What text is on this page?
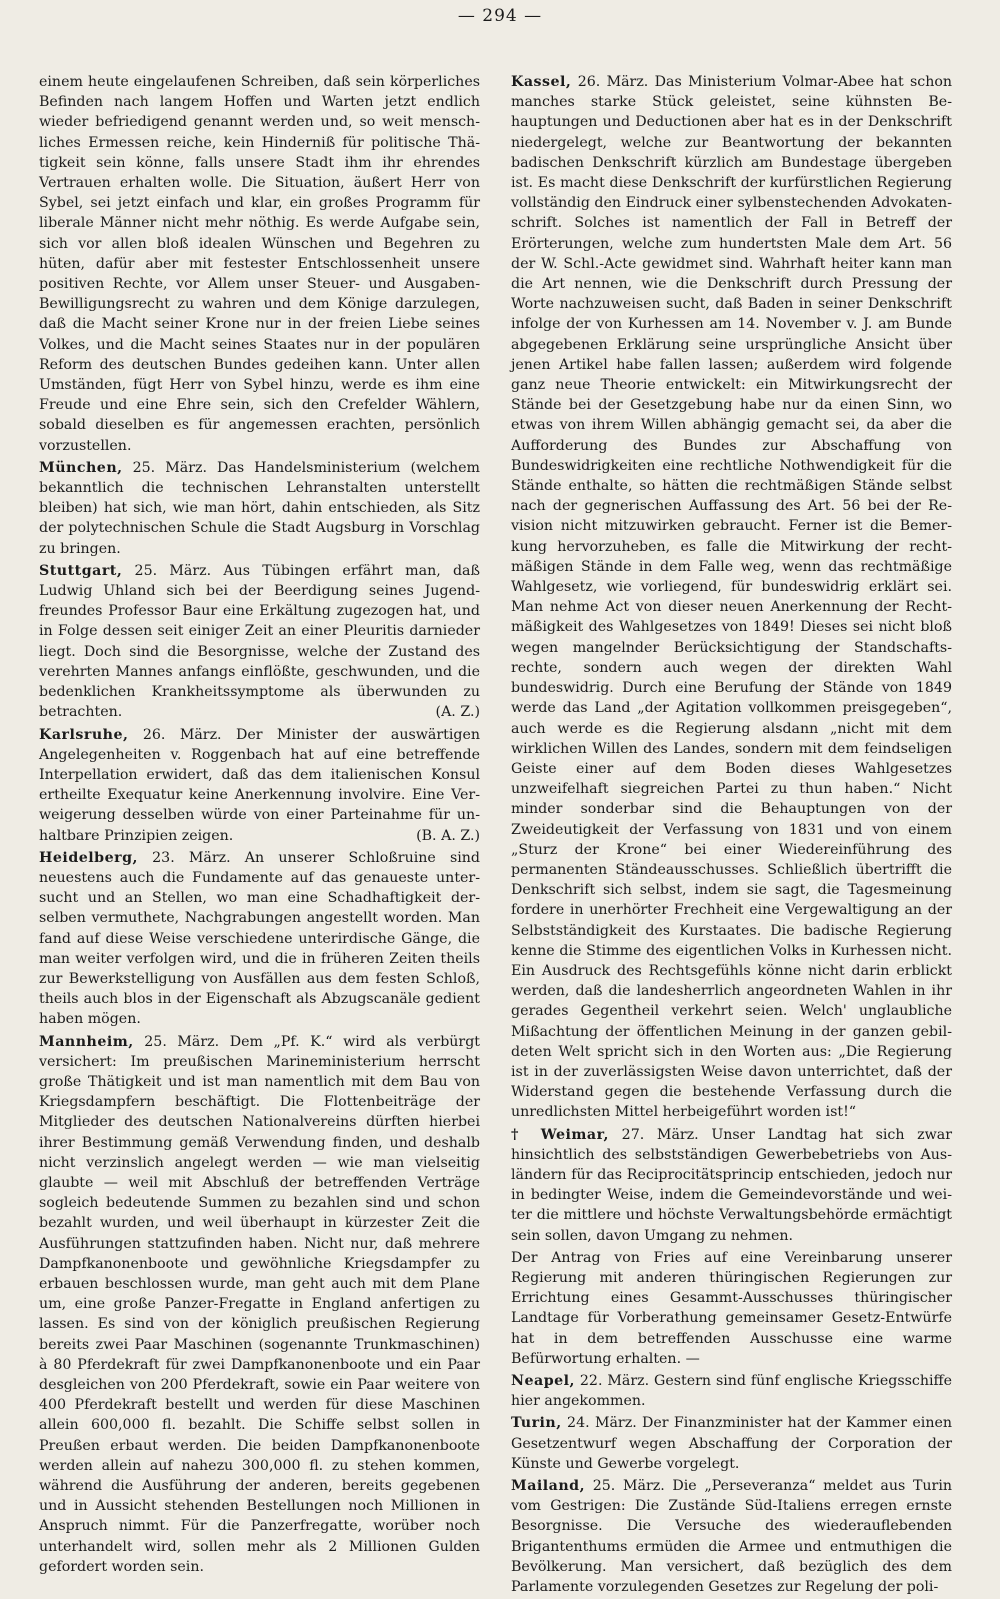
— 294 —

einem heute eingelaufenen Schreiben, daß sein körperliches Befinden nach langem Hoffen und Warten jetzt endlich wieder befriedigend genannt werden und, so weit menschliches Ermessen reiche, kein Hinderniß für politische Thätigkeit sein könne, falls unsere Stadt ihm ihr ehrendes Vertrauen erhalten wolle. Die Situation, äußert Herr von Sybel, sei jetzt einfach und klar, ein großes Programm für liberale Männer nicht mehr nöthig. Es werde Aufgabe sein, sich vor allen bloß idealen Wünschen und Begehren zu hüten, dafür aber mit festester Entschlossenheit unsere positiven Rechte, vor Allem unser Steuer- und Ausgaben-Bewilligungsrecht zu wahren und dem Könige darzulegen, daß die Macht seiner Krone nur in der freien Liebe seines Volkes, und die Macht seines Staates nur in der populären Reform des deutschen Bundes gedeihen kann. Unter allen Umständen, fügt Herr von Sybel hinzu, werde es ihm eine Freude und eine Ehre sein, sich den Crefelder Wählern, sobald dieselben es für angemessen erachten, persönlich vorzustellen.

München, 25. März. Das Handelsministerium (welchem bekanntlich die technischen Lehranstalten unterstellt bleiben) hat sich, wie man hört, dahin entschieden, als Sitz der polytechnischen Schule die Stadt Augsburg in Vorschlag zu bringen.

Stuttgart, 25. März. Aus Tübingen erfährt man, daß Ludwig Uhland sich bei der Beerdigung seines Jugendfreundes Professor Baur eine Erkältung zugezogen hat, und in Folge dessen seit einiger Zeit an einer Pleuritis darnieder liegt. Doch sind die Besorgnisse, welche der Zustand des verehrten Mannes anfangs einflößte, geschwunden, und die bedenklichen Krankheitssymptome als überwunden zu betrachten.	(A. Z.)

Karlsruhe, 26. März. Der Minister der auswärtigen Angelegenheiten v. Roggenbach hat auf eine betreffende Interpellation erwidert, daß das dem italienischen Konsul ertheilte Exequatur keine Anerkennung involvire. Eine Verweigerung desselben würde von einer Parteinahme für unhaltbare Prinzipien zeigen.	(B. A. Z.)

Heidelberg, 23. März. An unserer Schloßruine sind neuestens auch die Fundamente auf das genaueste untersucht und an Stellen, wo man eine Schadhaftigkeit derselben vermuthete, Nachgrabungen angestellt worden. Man fand auf diese Weise verschiedene unterirdische Gänge, die man weiter verfolgen wird, und die in früheren Zeiten theils zur Bewerkstelligung von Ausfällen aus dem festen Schloß, theils auch blos in der Eigenschaft als Abzugscanäle gedient haben mögen.

Mannheim, 25. März. Dem „Pf. K.“ wird als verbürgt versichert: Im preußischen Marineministerium herrscht große Thätigkeit und ist man namentlich mit dem Bau von Kriegsdampfern beschäftigt. Die Flottenbeiträge der Mitglieder des deutschen Nationalvereins dürften hierbei ihrer Bestimmung gemäß Verwendung finden, und deshalb nicht verzinslich angelegt werden — wie man vielseitig glaubte — weil mit Abschluß der betreffenden Verträge sogleich bedeutende Summen zu bezahlen sind und schon bezahlt wurden, und weil überhaupt in kürzester Zeit die Ausführungen stattzufinden haben. Nicht nur, daß mehrere Dampfkanonenboote und gewöhnliche Kriegsdampfer zu erbauen beschlossen wurde, man geht auch mit dem Plane um, eine große Panzer-Fregatte in England anfertigen zu lassen. Es sind von der königlich preußischen Regierung bereits zwei Paar Maschinen (sogenannte Trunkmaschinen) à 80 Pferdekraft für zwei Dampfkanonenboote und ein Paar desgleichen von 200 Pferdekraft, sowie ein Paar weitere von 400 Pferdekraft bestellt und werden für diese Maschinen allein 600,000 fl. bezahlt. Die Schiffe selbst sollen in Preußen erbaut werden. Die beiden Dampfkanonenboote werden allein auf nahezu 300,000 fl. zu stehen kommen, während die Ausführung der anderen, bereits gegebenen und in Aussicht stehenden Bestellungen noch Millionen in Anspruch nimmt. Für die Panzerfregatte, worüber noch unterhandelt wird, sollen mehr als 2 Millionen Gulden gefordert worden sein.

Kassel, 26. März. Das Ministerium Volmar-Abee hat schon manches starke Stück geleistet, seine kühnsten Behauptungen und Deductionen aber hat es in der Denkschrift niedergelegt, welche zur Beantwortung der bekannten badischen Denkschrift kürzlich am Bundestage übergeben ist. Es macht diese Denkschrift der kurfürstlichen Regierung vollständig den Eindruck einer sylbenstechenden Advokatenschrift. Solches ist namentlich der Fall in Betreff der Erörterungen, welche zum hundertsten Male dem Art. 56 der W. Schl.-Acte gewidmet sind. Wahrhaft heiter kann man die Art nennen, wie die Denkschrift durch Pressung der Worte nachzuweisen sucht, daß Baden in seiner Denkschrift infolge der von Kurhessen am 14. November v. J. am Bunde abgegebenen Erklärung seine ursprüngliche Ansicht über jenen Artikel habe fallen lassen; außerdem wird folgende ganz neue Theorie entwickelt: ein Mitwirkungsrecht der Stände bei der Gesetzgebung habe nur da einen Sinn, wo etwas von ihrem Willen abhängig gemacht sei, da aber die Aufforderung des Bundes zur Abschaffung von Bundeswidrigkeiten eine rechtliche Nothwendigkeit für die Stände enthalte, so hätten die rechtmäßigen Stände selbst nach der gegnerischen Auffassung des Art. 56 bei der Revision nicht mitzuwirken gebraucht. Ferner ist die Bemerkung hervorzuheben, es falle die Mitwirkung der rechtmäßigen Stände in dem Falle weg, wenn das rechtmäßige Wahlgesetz, wie vorliegend, für bundeswidrig erklärt sei. Man nehme Act von dieser neuen Anerkennung der Rechtmäßigkeit des Wahlgesetzes von 1849! Dieses sei nicht bloß wegen mangelnder Berücksichtigung der Standschaftsrechte, sondern auch wegen der direkten Wahl bundeswidrig. Durch eine Berufung der Stände von 1849 werde das Land „der Agitation vollkommen preisgegeben“, auch werde es die Regierung alsdann „nicht mit dem wirklichen Willen des Landes, sondern mit dem feindseligen Geiste einer auf dem Boden dieses Wahlgesetzes unzweifelhaft siegreichen Partei zu thun haben.“ Nicht minder sonderbar sind die Behauptungen von der Zweideutigkeit der Verfassung von 1831 und von einem „Sturz der Krone“ bei einer Wiedereinführung des permanenten Ständeausschusses. Schließlich übertrifft die Denkschrift sich selbst, indem sie sagt, die Tagesmeinung fordere in unerhörter Frechheit eine Vergewaltigung an der Selbstständigkeit des Kurstaates. Die badische Regierung kenne die Stimme des eigentlichen Volks in Kurhessen nicht. Ein Ausdruck des Rechtsgefühls könne nicht darin erblickt werden, daß die landesherrlich angeordneten Wahlen in ihr gerades Gegentheil verkehrt seien. Welch' unglaubliche Mißachtung der öffentlichen Meinung in der ganzen gebildeten Welt spricht sich in den Worten aus: „Die Regierung ist in der zuverlässigsten Weise davon unterrichtet, daß der Widerstand gegen die bestehende Verfassung durch die unredlichsten Mittel herbeigeführt worden ist!“

† Weimar, 27. März. Unser Landtag hat sich zwar hinsichtlich des selbstständigen Gewerbebetriebs von Ausländern für das Reciprocitätsprincip entschieden, jedoch nur in bedingter Weise, indem die Gemeindevorstände und weiter die mittlere und höchste Verwaltungsbehörde ermächtigt sein sollen, davon Umgang zu nehmen.

Der Antrag von Fries auf eine Vereinbarung unserer Regierung mit anderen thüringischen Regierungen zur Errichtung eines Gesammt-Ausschusses thüringischer Landtage für Vorberathung gemeinsamer Gesetz-Entwürfe hat in dem betreffenden Ausschusse eine warme Befürwortung erhalten. —

Neapel, 22. März. Gestern sind fünf englische Kriegsschiffe hier angekommen.

Turin, 24. März. Der Finanzminister hat der Kammer einen Gesetzentwurf wegen Abschaffung der Corporation der Künste und Gewerbe vorgelegt.

Mailand, 25. März. Die „Perseveranza“ meldet aus Turin vom Gestrigen: Die Zustände Süd-Italiens erregen ernste Besorgnisse. Die Versuche des wiederauflebenden Brigantenthums ermüden die Armee und entmuthigen die Bevölkerung. Man versichert, daß bezüglich des dem Parlamente vorzulegenden Gesetzes zur Regelung der poli-
